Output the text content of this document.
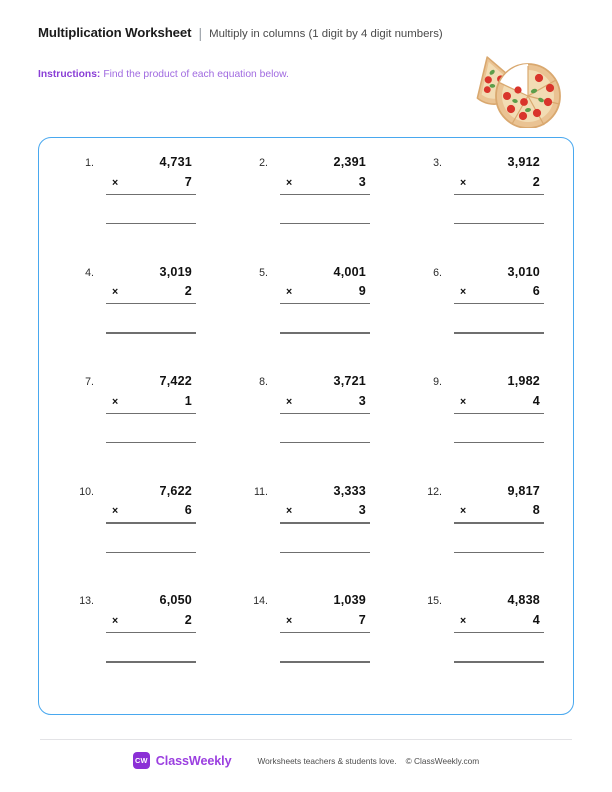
Multiplication Worksheet | Multiply in columns (1 digit by 4 digit numbers)
Instructions: Find the product of each equation below.
1.	4,731
×	7
2.	2,391
×	3
3.	3,912
×	2
4.	3,019
×	2
5.	4,001
×	9
6.	3,010
×	6
7.	7,422
×	1
8.	3,721
×	3
9.	1,982
×	4
10.	7,622
×	6
11.	3,333
×	3
12.	9,817
×	8
13.	6,050
×	2
14.	1,039
×	7
15.	4,838
×	4
CW ClassWeekly	Worksheets teachers & students love. © ClassWeekly.com
